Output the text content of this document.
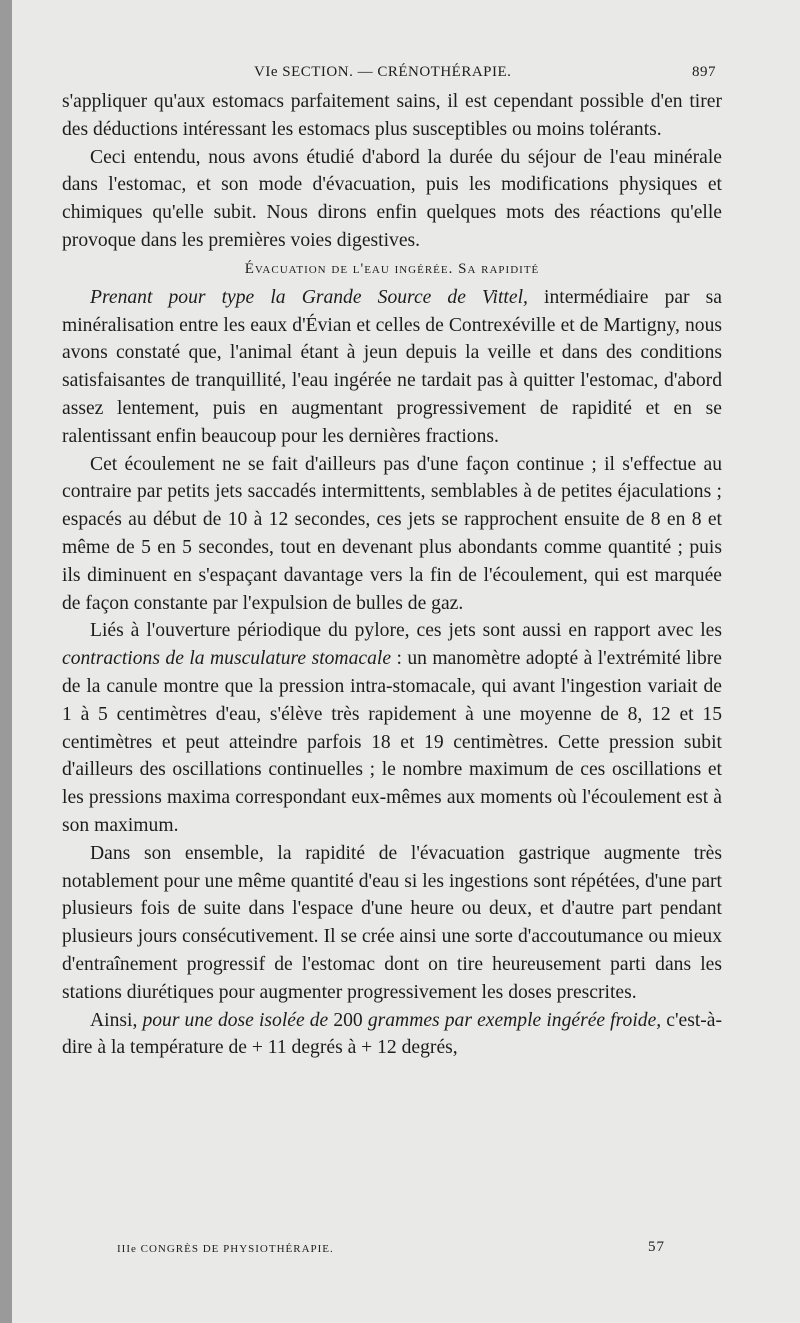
VIe SECTION. — CRÉNOTHÉRAPIE.	897

s'appliquer qu'aux estomacs parfaitement sains, il est cependant possible d'en tirer des déductions intéressant les estomacs plus susceptibles ou moins tolérants.

Ceci entendu, nous avons étudié d'abord la durée du séjour de l'eau minérale dans l'estomac, et son mode d'évacuation, puis les modifications physiques et chimiques qu'elle subit. Nous dirons enfin quelques mots des réactions qu'elle provoque dans les premières voies digestives.

Évacuation de l'eau ingérée. Sa rapidité

Prenant pour type la Grande Source de Vittel, intermédiaire par sa minéralisation entre les eaux d'Évian et celles de Contrexéville et de Martigny, nous avons constaté que, l'animal étant à jeun depuis la veille et dans des conditions satisfaisantes de tranquillité, l'eau ingérée ne tardait pas à quitter l'estomac, d'abord assez lentement, puis en augmentant progressivement de rapidité et en se ralentissant enfin beaucoup pour les dernières fractions.

Cet écoulement ne se fait d'ailleurs pas d'une façon continue ; il s'effectue au contraire par petits jets saccadés intermittents, semblables à de petites éjaculations ; espacés au début de 10 à 12 secondes, ces jets se rapprochent ensuite de 8 en 8 et même de 5 en 5 secondes, tout en devenant plus abondants comme quantité ; puis ils diminuent en s'espaçant davantage vers la fin de l'écoulement, qui est marquée de façon constante par l'expulsion de bulles de gaz.

Liés à l'ouverture périodique du pylore, ces jets sont aussi en rapport avec les contractions de la musculature stomacale : un manomètre adopté à l'extrémité libre de la canule montre que la pression intra-stomacale, qui avant l'ingestion variait de 1 à 5 centimètres d'eau, s'élève très rapidement à une moyenne de 8, 12 et 15 centimètres et peut atteindre parfois 18 et 19 centimètres. Cette pression subit d'ailleurs des oscillations continuelles ; le nombre maximum de ces oscillations et les pressions maxima correspondant eux-mêmes aux moments où l'écoulement est à son maximum.

Dans son ensemble, la rapidité de l'évacuation gastrique augmente très notablement pour une même quantité d'eau si les ingestions sont répétées, d'une part plusieurs fois de suite dans l'espace d'une heure ou deux, et d'autre part pendant plusieurs jours consécutivement. Il se crée ainsi une sorte d'accoutumance ou mieux d'entraînement progressif de l'estomac dont on tire heureusement parti dans les stations diurétiques pour augmenter progressivement les doses prescrites.

Ainsi, pour une dose isolée de 200 grammes par exemple ingérée froide, c'est-à-dire à la température de + 11 degrés à + 12 degrés,

IIIe CONGRÈS DE PHYSIOTHÉRAPIE.	57
